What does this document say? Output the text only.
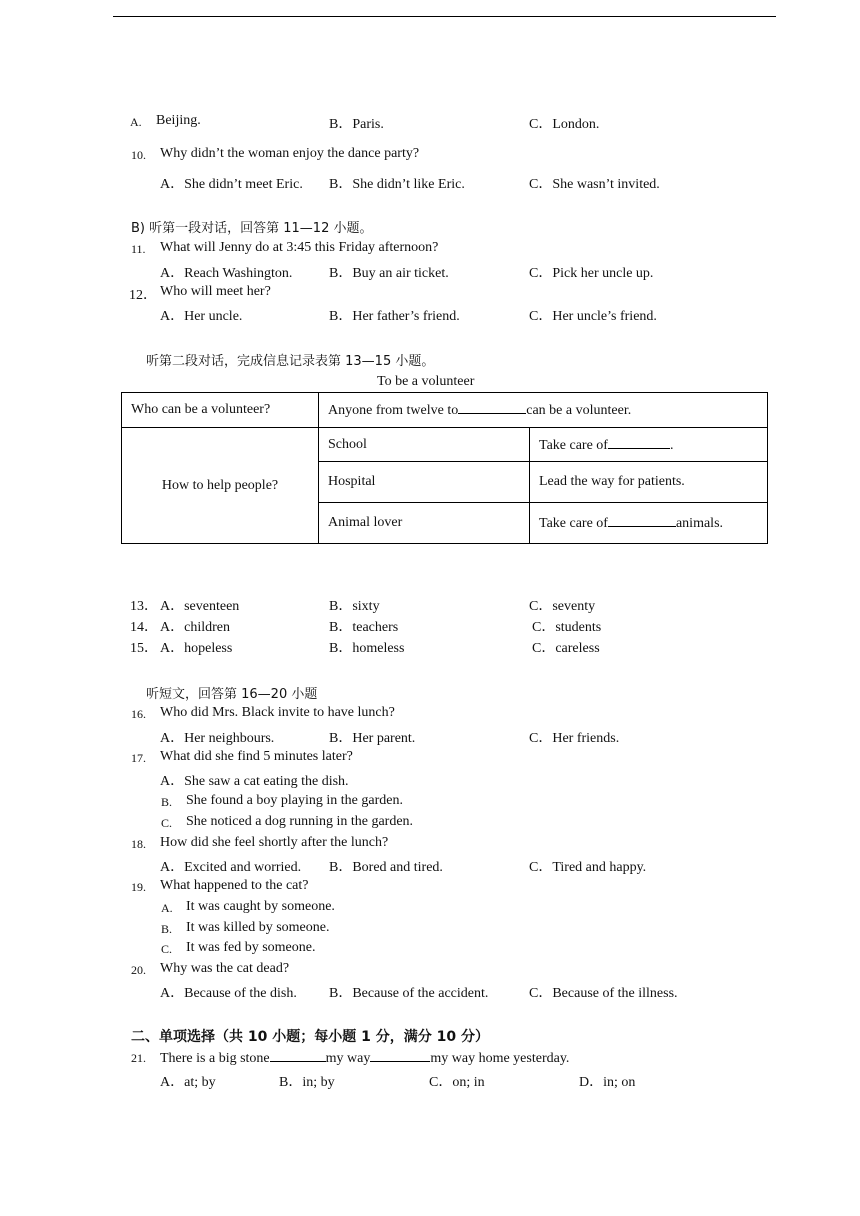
A. Beijing.	B．Paris.	C．London.
10. Why didn’t the woman enjoy the dance party?
A．She didn’t meet Eric. B．She didn’t like Eric.	C．She wasn’t invited.
B) 听第一段对话，回答第 11—12 小题。
11. What will Jenny do at 3:45 this Friday afternoon?
A．Reach Washington.	B．Buy an air ticket.	C．Pick her uncle up.
12． Who will meet her?
A．Her uncle.	B．Her father’s friend.	C．Her uncle’s friend.
听第二段对话，完成信息记录表第 13—15 小题。
To be a volunteer
Who can be a volunteer?	Anyone from twelve to can be a volunteer.	
How to help people?	School	Take care of .
	Hospital	Lead the way for patients.
	Animal lover	Take care of animals.
13． A．seventeen	B．sixty	C．seventy
14． A．children	B．teachers	C．students
15． A．hopeless	B．homeless	C．careless
听短文，回答第 16—20 小题
16. Who did Mrs. Black invite to have lunch?
A．Her neighbours.	B．Her parent.	C．Her friends.
17. What did she find 5 minutes later?
A．She saw a cat eating the dish.
B. She found a boy playing in the garden.
C. She noticed a dog running in the garden.
18. How did she feel shortly after the lunch?
A．Excited and worried. B．Bored and tired.	C．Tired and happy.
19. What happened to the cat?
A. It was caught by someone.
B. It was killed by someone.
C. It was fed by someone.
20. Why was the cat dead?
A．Because of the dish. B．Because of the accident.	C．Because of the illness.
二、单项选择（共 10 小题；每小题 1 分，满分 10 分）
21. There is a big stone	my way	my way home yesterday.
A．at; by	B．in; by	C．on; in	D．in; on
